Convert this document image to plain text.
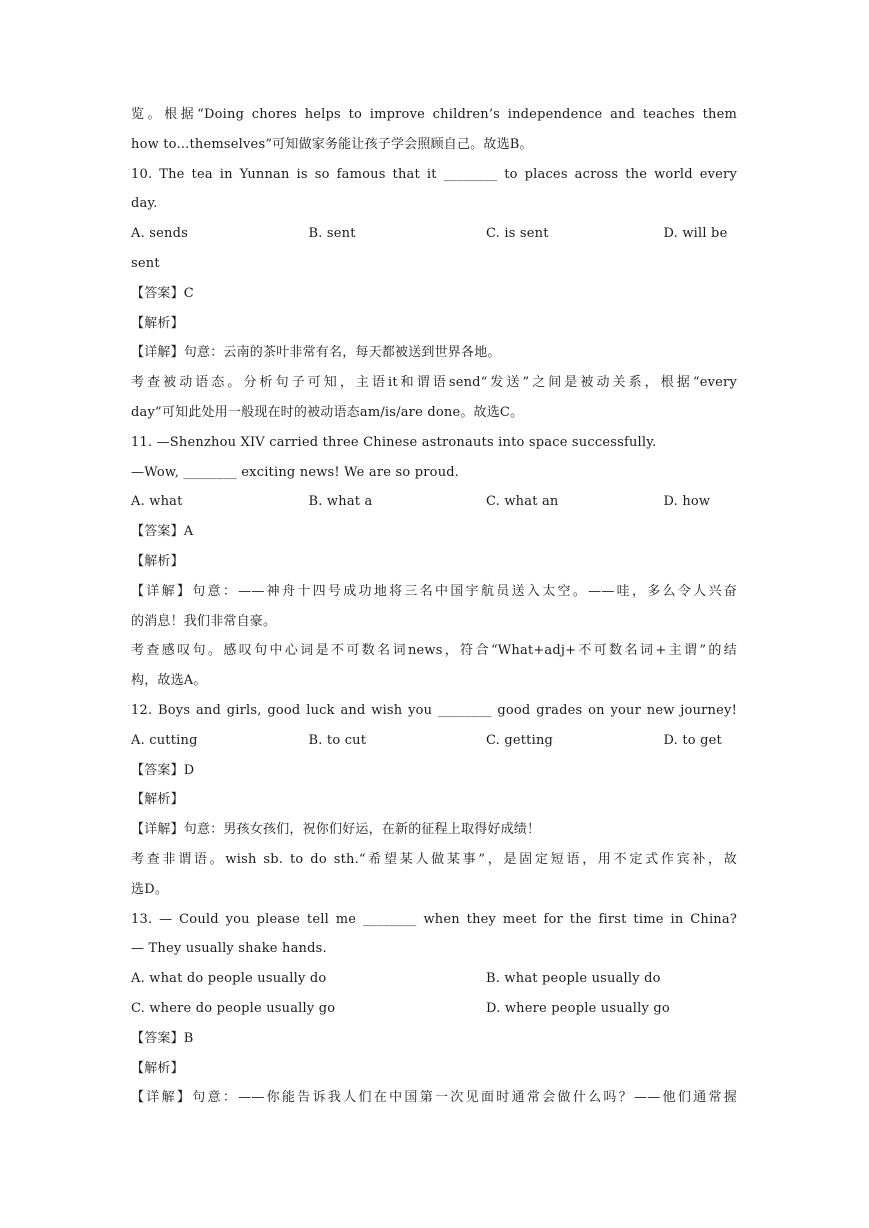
览。根据“Doing chores helps to improve children’s independence and teaches them
how to...themselves”可知做家务能让孩子学会照顾自己。故选B。
10. The tea in Yunnan is so famous that it ________ to places across the world every
day.
A. sends	B. sent	C. is sent	D. will be
sent
【答案】C
【解析】
【详解】句意：云南的茶叶非常有名，每天都被送到世界各地。
考查被动语态。分析句子可知，主语it和谓语send“发送”之间是被动关系，根据“every
day”可知此处用一般现在时的被动语态am/is/are done。故选C。
11. —Shenzhou XIV carried three Chinese astronauts into space successfully.
—Wow, ________ exciting news! We are so proud.
A. what	B. what a	C. what an	D. how
【答案】A
【解析】
【详解】句意：——神舟十四号成功地将三名中国宇航员送入太空。——哇，多么令人兴奋
的消息！我们非常自豪。
考查感叹句。感叹句中心词是不可数名词news，符合“What+adj+不可数名词+主谓”的结
构，故选A。
12. Boys and girls, good luck and wish you ________ good grades on your new journey!
A. cutting	B. to cut	C. getting	D. to get
【答案】D
【解析】
【详解】句意：男孩女孩们，祝你们好运，在新的征程上取得好成绩！
考查非谓语。wish sb. to do sth.“希望某人做某事”，是固定短语，用不定式作宾补，故
选D。
13. — Could you please tell me ________ when they meet for the first time in China?
— They usually shake hands.
A. what do people usually do	B. what people usually do
C. where do people usually go	D. where people usually go
【答案】B
【解析】
【详解】句意：——你能告诉我人们在中国第一次见面时通常会做什么吗？——他们通常握
